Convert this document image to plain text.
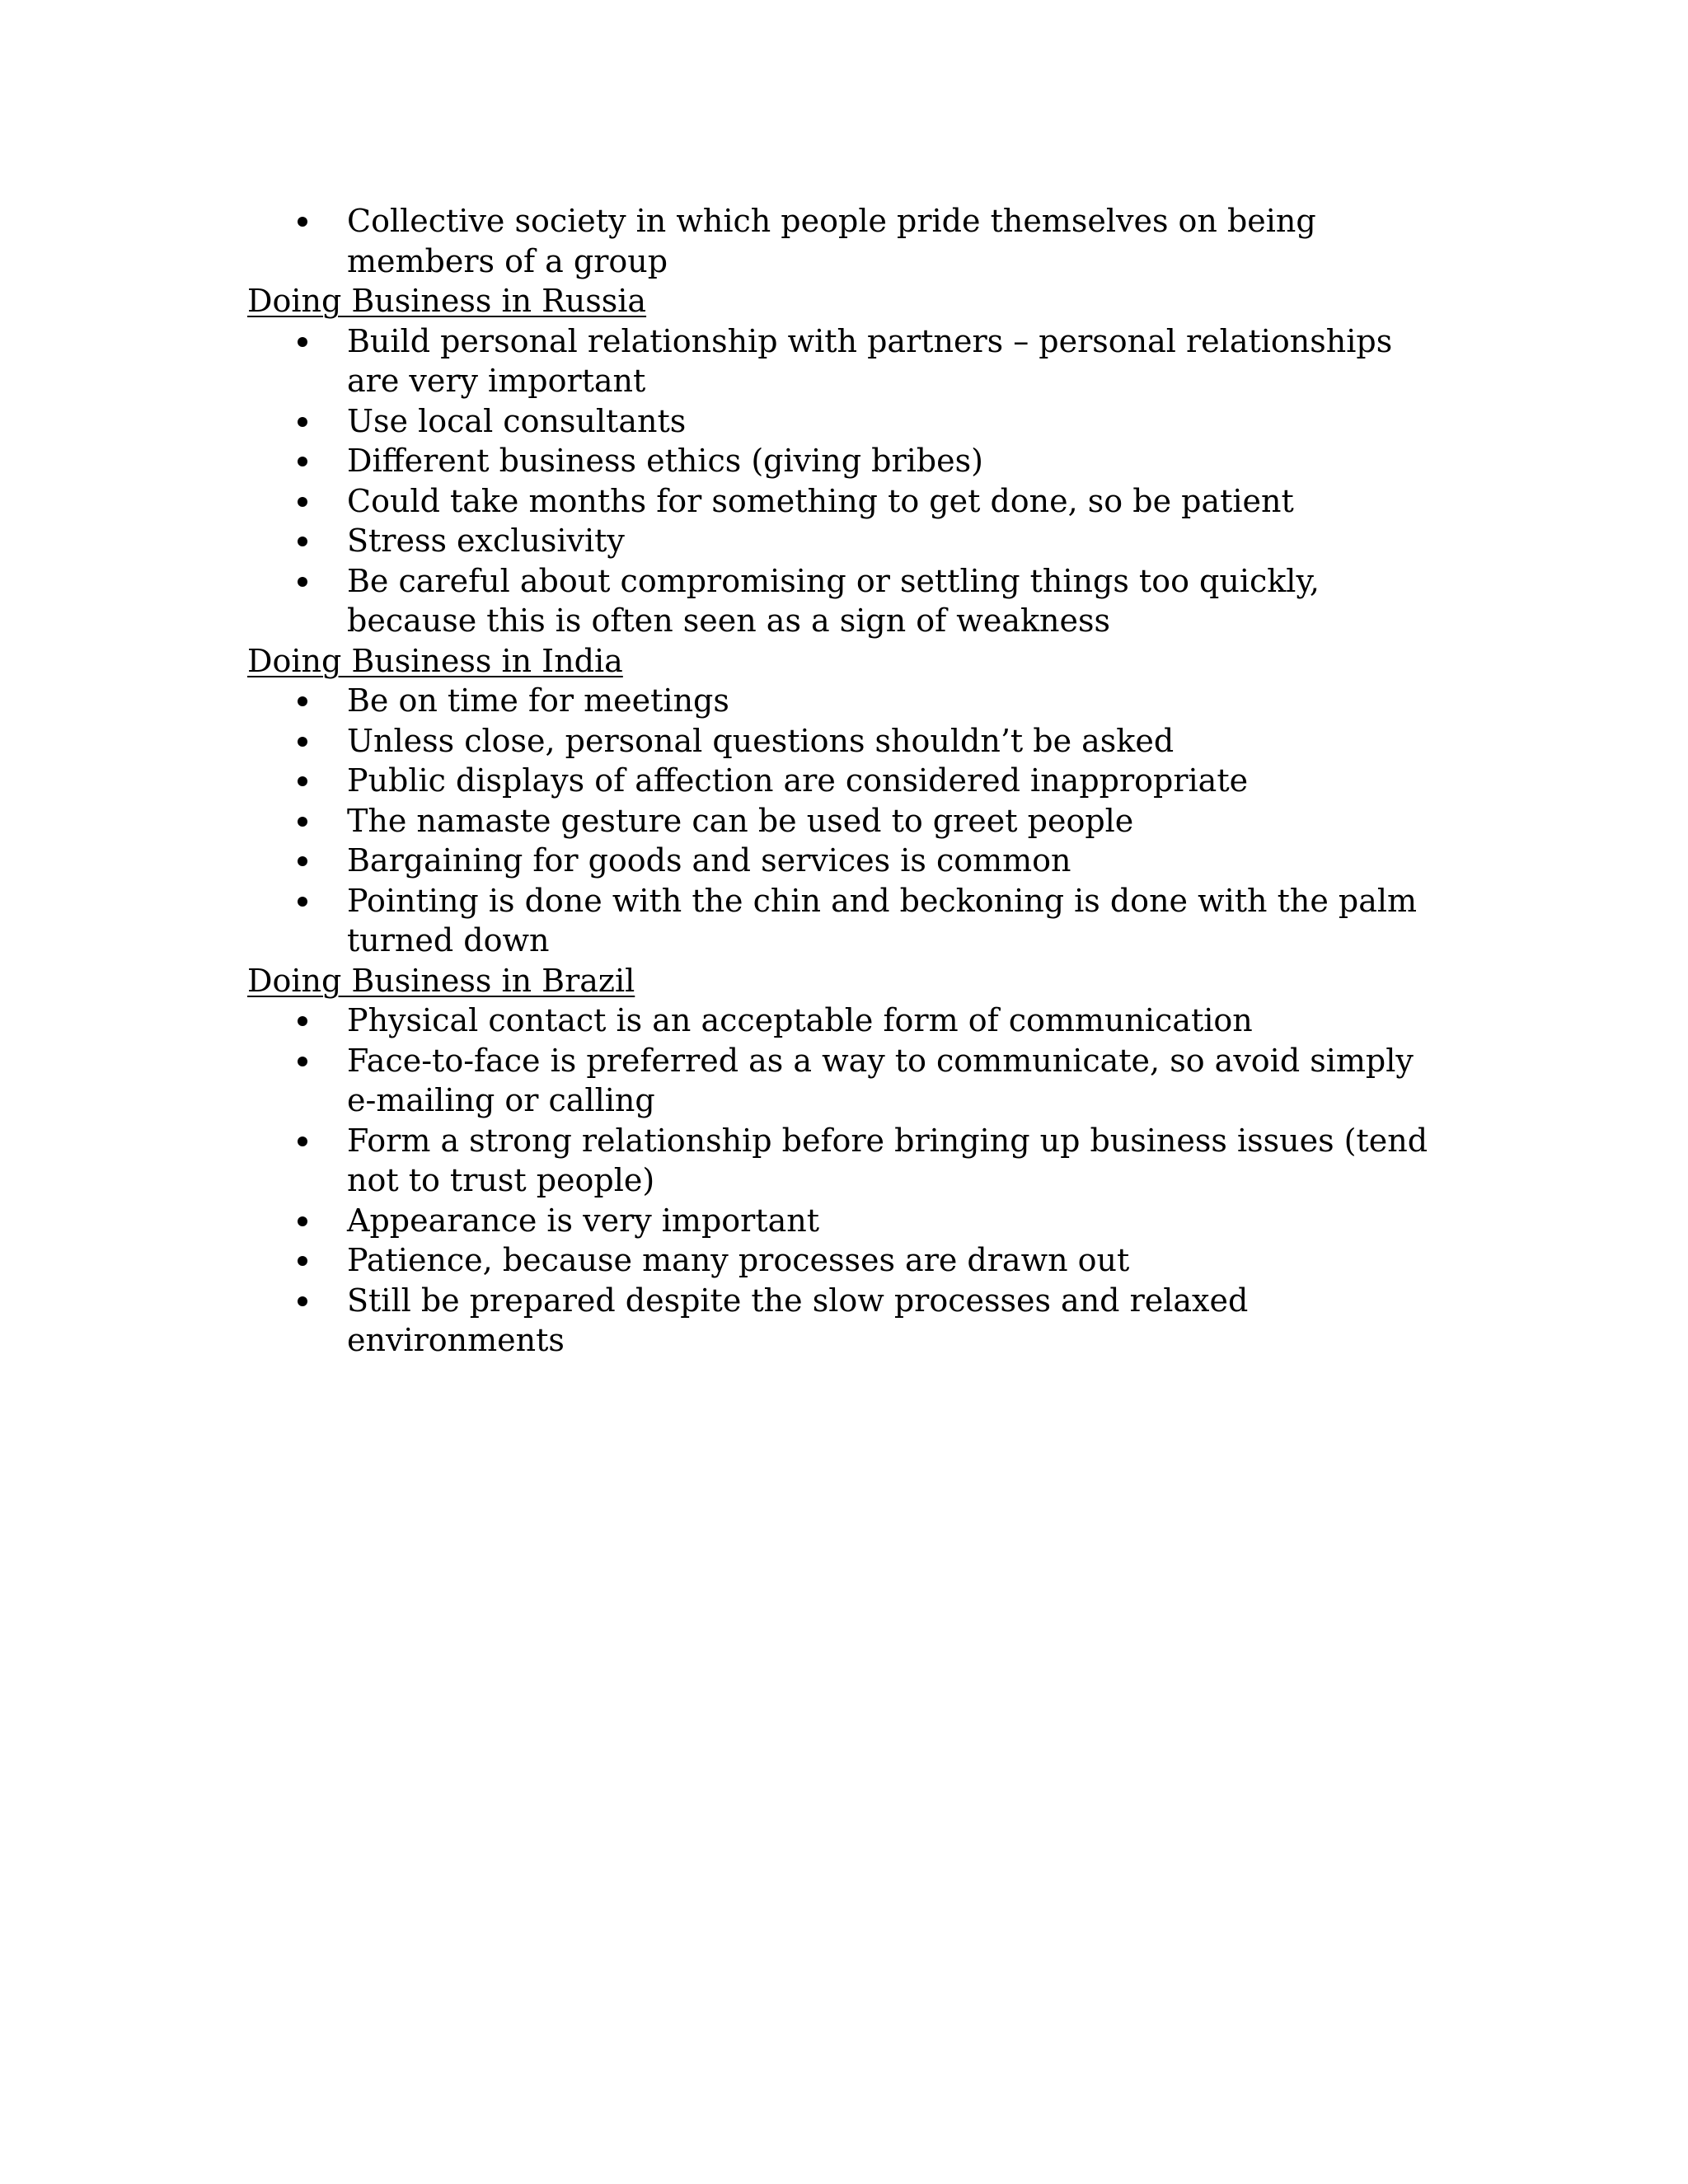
Collective society in which people pride themselves on being members of a group
Doing Business in Russia
Build personal relationship with partners – personal relationships are very important
Use local consultants
Different business ethics (giving bribes)
Could take months for something to get done, so be patient
Stress exclusivity
Be careful about compromising or settling things too quickly, because this is often seen as a sign of weakness
Doing Business in India
Be on time for meetings
Unless close, personal questions shouldn’t be asked
Public displays of affection are considered inappropriate
The namaste gesture can be used to greet people
Bargaining for goods and services is common
Pointing is done with the chin and beckoning is done with the palm turned down
Doing Business in Brazil
Physical contact is an acceptable form of communication
Face-to-face is preferred as a way to communicate, so avoid simply e-mailing or calling
Form a strong relationship before bringing up business issues (tend not to trust people)
Appearance is very important
Patience, because many processes are drawn out
Still be prepared despite the slow processes and relaxed environments
